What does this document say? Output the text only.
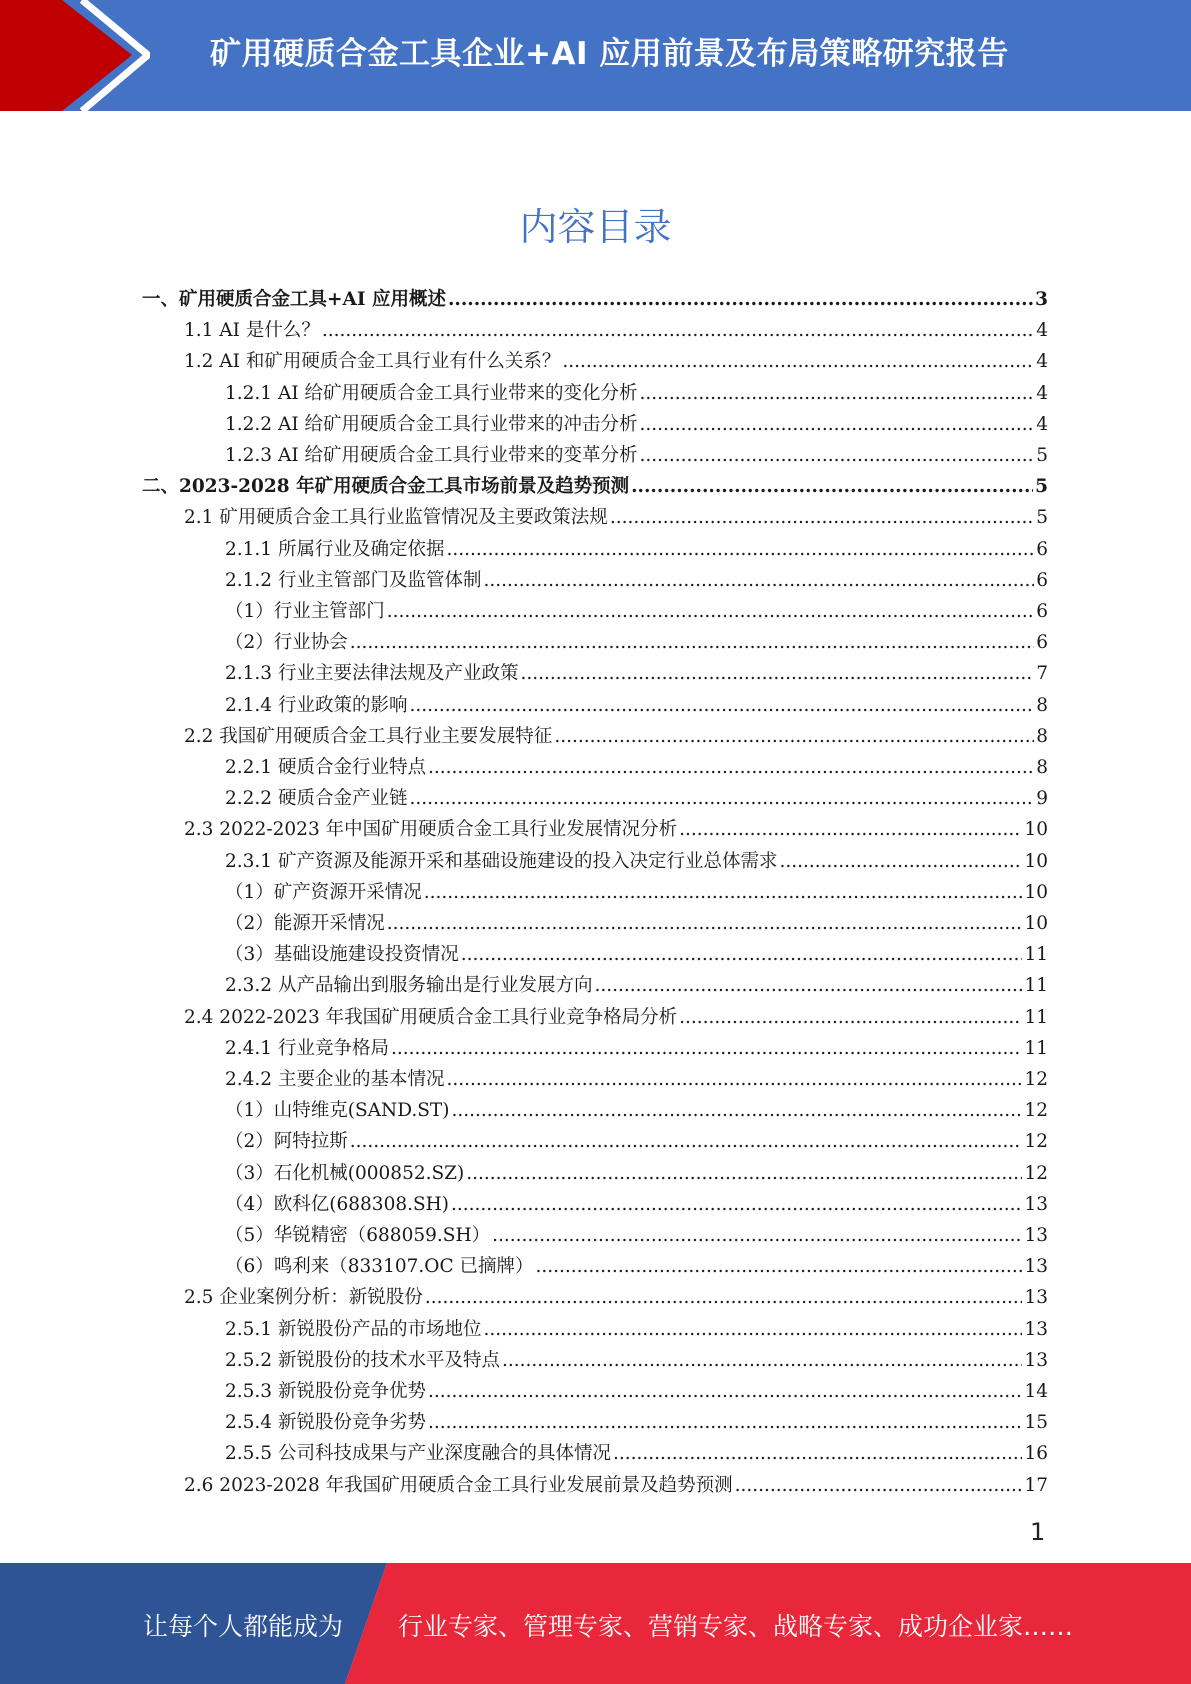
矿用硬质合金工具企业+AI 应用前景及布局策略研究报告
内容目录
一、矿用硬质合金工具+AI 应用概述 .....	3
1.1 AI 是什么？ .....	4
1.2 AI 和矿用硬质合金工具行业有什么关系？ .....	4
1.2.1 AI 给矿用硬质合金工具行业带来的变化分析 .....	4
1.2.2 AI 给矿用硬质合金工具行业带来的冲击分析 .....	4
1.2.3 AI 给矿用硬质合金工具行业带来的变革分析 .....	5
二、2023-2028 年矿用硬质合金工具市场前景及趋势预测 .....	5
2.1 矿用硬质合金工具行业监管情况及主要政策法规 .....	5
2.1.1 所属行业及确定依据 .....	6
2.1.2 行业主管部门及监管体制 .....	6
（1）行业主管部门 .....	6
（2）行业协会 .....	6
2.1.3 行业主要法律法规及产业政策 .....	7
2.1.4 行业政策的影响 .....	8
2.2 我国矿用硬质合金工具行业主要发展特征 .....	8
2.2.1 硬质合金行业特点 .....	8
2.2.2 硬质合金产业链 .....	9
2.3 2022-2023 年中国矿用硬质合金工具行业发展情况分析 .....	10
2.3.1 矿产资源及能源开采和基础设施建设的投入决定行业总体需求 .....	10
（1）矿产资源开采情况 .....	10
（2）能源开采情况 .....	10
（3）基础设施建设投资情况 .....	11
2.3.2 从产品输出到服务输出是行业发展方向 .....	11
2.4 2022-2023 年我国矿用硬质合金工具行业竞争格局分析 .....	11
2.4.1 行业竞争格局 .....	11
2.4.2 主要企业的基本情况 .....	12
（1）山特维克(SAND.ST) .....	12
（2）阿特拉斯 .....	12
（3）石化机械(000852.SZ) .....	12
（4）欧科亿(688308.SH) .....	13
（5）华锐精密（688059.SH） .....	13
（6）鸣利来（833107.OC 已摘牌） .....	13
2.5 企业案例分析：新锐股份 .....	13
2.5.1 新锐股份产品的市场地位 .....	13
2.5.2 新锐股份的技术水平及特点 .....	13
2.5.3 新锐股份竞争优势 .....	14
2.5.4 新锐股份竞争劣势 .....	15
2.5.5 公司科技成果与产业深度融合的具体情况 .....	16
2.6 2023-2028 年我国矿用硬质合金工具行业发展前景及趋势预测 .....	17
1
让每个人都能成为 行业专家、管理专家、营销专家、战略专家、成功企业家……
